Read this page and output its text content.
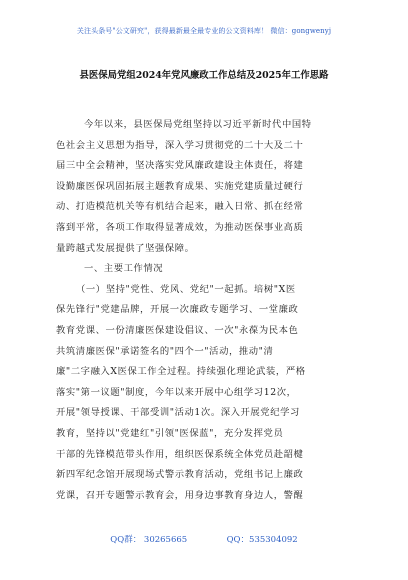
关注头条号"公文研究"，获得最新最全最专业的公文资料库！ 微信：gongwenyj
县医保局党组2024年党风廉政工作总结及2025年工作思路
今年以来，县医保局党组坚持以习近平新时代中国特
色社会主义思想为指导，深入学习贯彻党的二十大及二十
届三中全会精神，坚决落实党风廉政建设主体责任，将建
设勤廉医保巩固拓展主题教育成果、实施党建质量过硬行
动、打造模范机关等有机结合起来，融入日常、抓在经常
落到平常，各项工作取得显著成效，为推动医保事业高质
量跨越式发展提供了坚强保障。
一、主要工作情况
（一）坚持"党性、党风、党纪"一起抓。培树"X医
保先锋行"党建品牌，开展一次廉政专题学习、一堂廉政
教育党课、一份清廉医保建设倡议、一次"永葆为民本色
共筑清廉医保"承诺签名的"四个一"活动，推动"清
廉"二字融入X医保工作全过程。持续强化理论武装，严格
落实"第一议题"制度，今年以来开展中心组学习12次，
开展"领导授课、干部受训"活动1次。深入开展党纪学习
教育，坚持以"党建红"引领"医保蓝"，充分发挥党员
干部的先锋模范带头作用，组织医保系统全体党员赴韶楗
新四军纪念馆开展现场式警示教育活动，党组书记上廉政
党课，召开专题警示教育会，用身边事教育身边人，警醒
QQ群： 30265665	QQ：535304092
